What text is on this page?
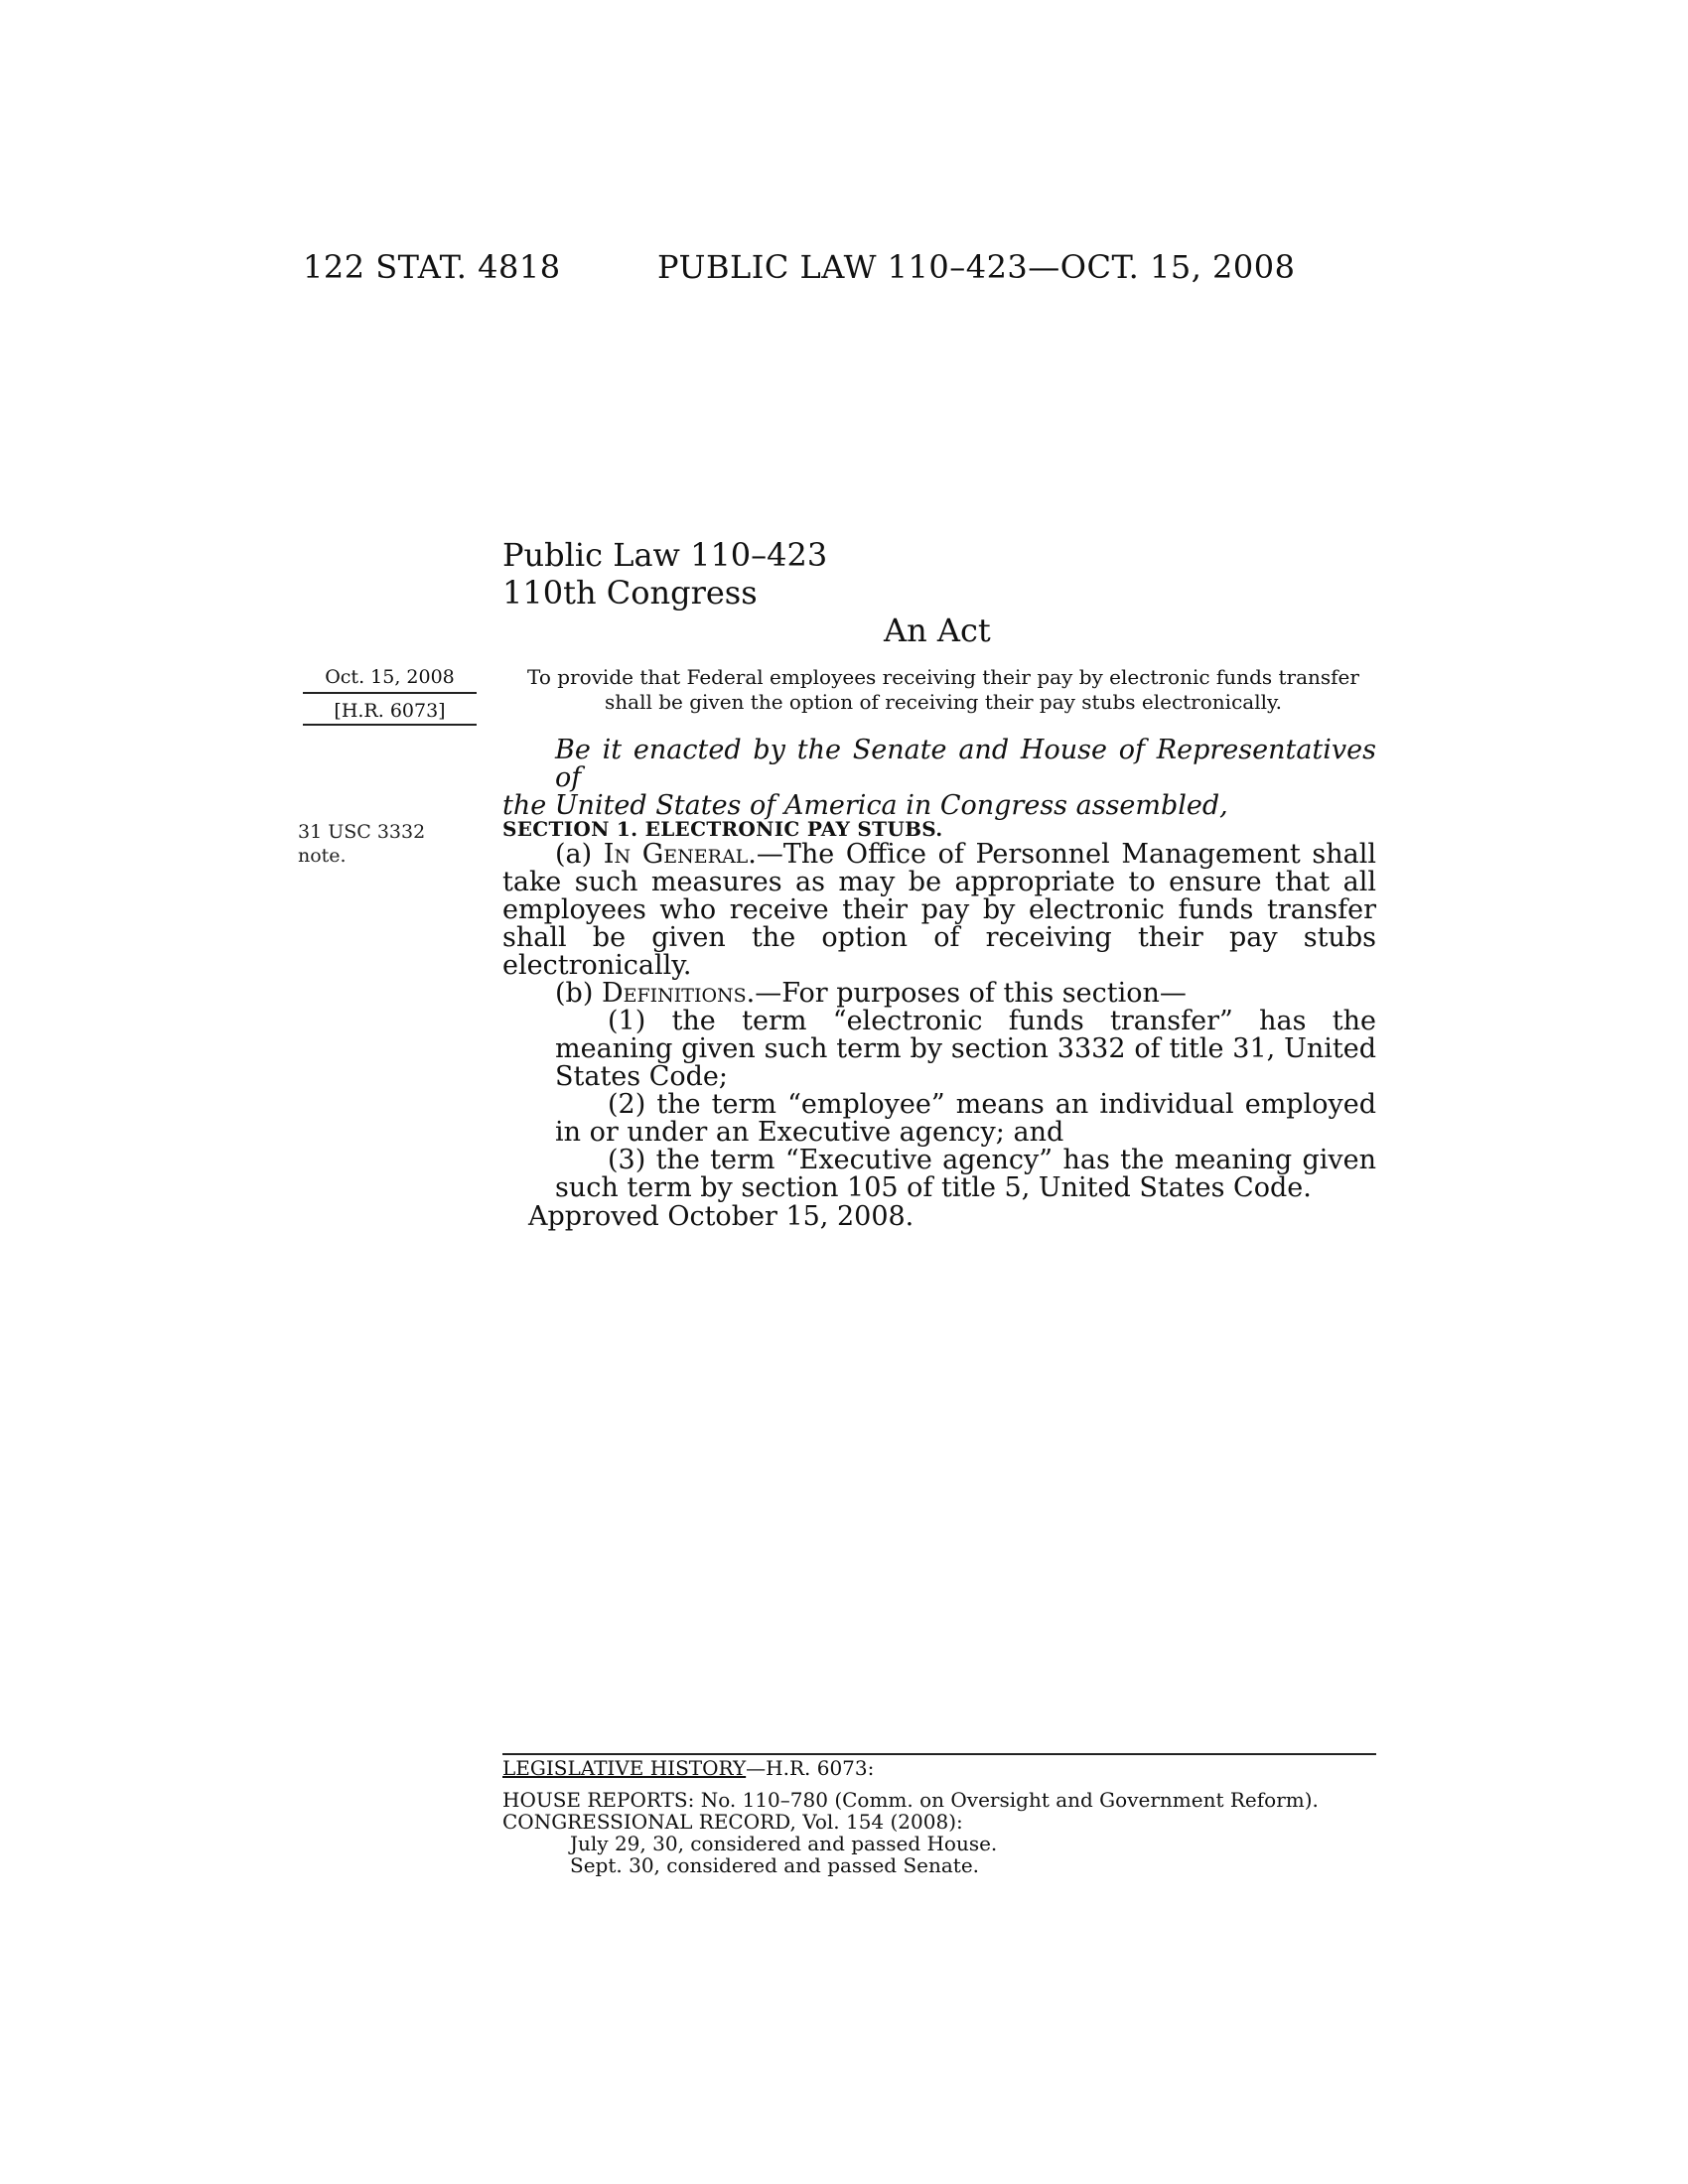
122 STAT. 4818	PUBLIC LAW 110–423—OCT. 15, 2008
Public Law 110–423
110th Congress
An Act
Oct. 15, 2008
[H.R. 6073]
To provide that Federal employees receiving their pay by electronic funds transfer
shall be given the option of receiving their pay stubs electronically.
Be it enacted by the Senate and House of Representatives of
the United States of America in Congress assembled,
31 USC 3332
note.
SECTION 1. ELECTRONIC PAY STUBS.

(a) In General.—The Office of Personnel Management shall take such measures as may be appropriate to ensure that all employees who receive their pay by electronic funds transfer shall be given the option of receiving their pay stubs electronically.

(b) Definitions.—For purposes of this section—

(1) the term “electronic funds transfer” has the meaning given such term by section 3332 of title 31, United States Code;

(2) the term “employee” means an individual employed in or under an Executive agency; and

(3) the term “Executive agency” has the meaning given such term by section 105 of title 5, United States Code.

Approved October 15, 2008.
LEGISLATIVE HISTORY—H.R. 6073:
HOUSE REPORTS: No. 110–780 (Comm. on Oversight and Government Reform).
CONGRESSIONAL RECORD, Vol. 154 (2008):
July 29, 30, considered and passed House.
Sept. 30, considered and passed Senate.
